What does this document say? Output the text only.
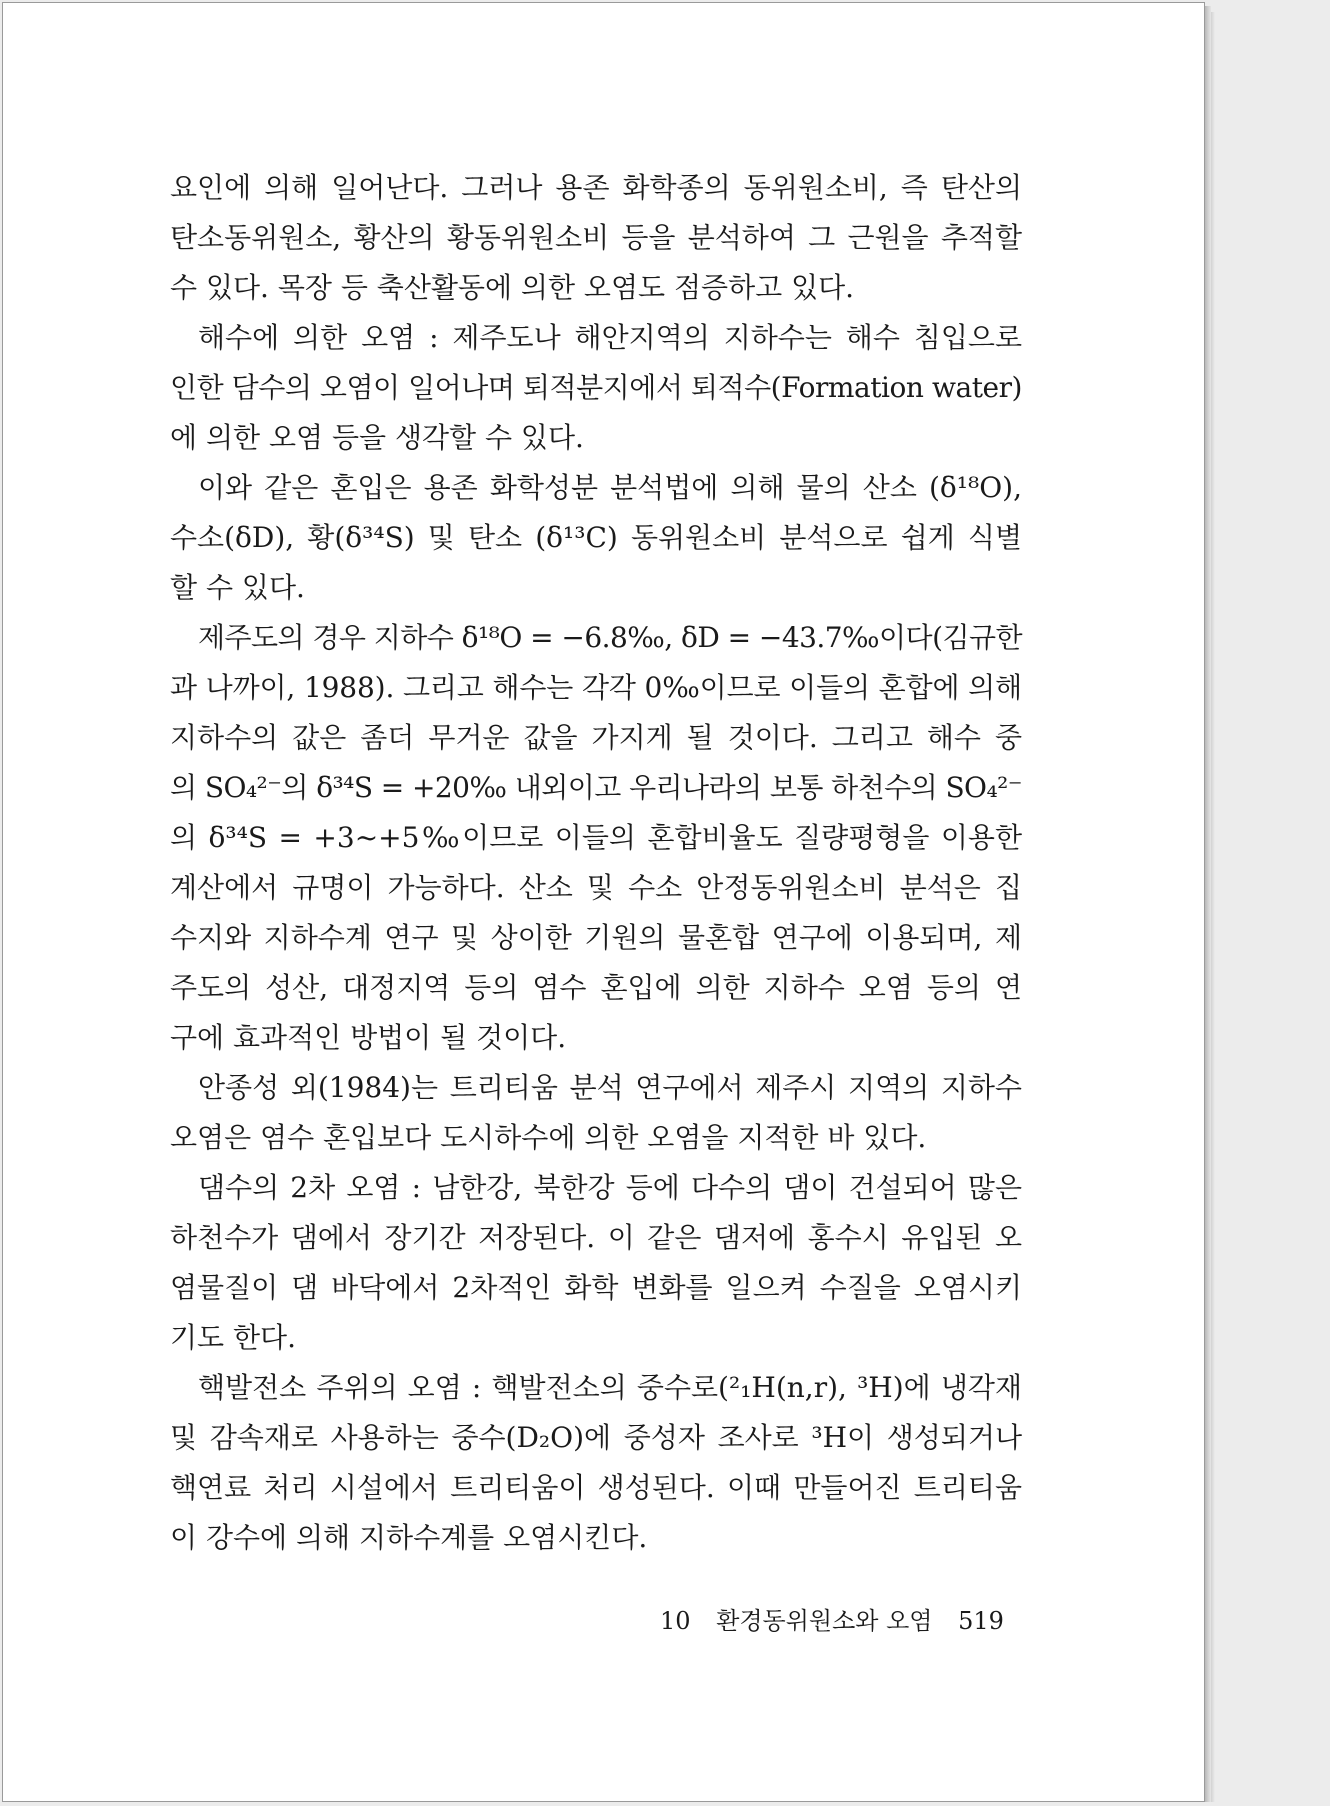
요인에 의해 일어난다. 그러나 용존 화학종의 동위원소비, 즉 탄산의
탄소동위원소, 황산의 황동위원소비 등을 분석하여 그 근원을 추적할
수 있다. 목장 등 축산활동에 의한 오염도 점증하고 있다.
해수에 의한 오염 : 제주도나 해안지역의 지하수는 해수 침입으로
인한 담수의 오염이 일어나며 퇴적분지에서 퇴적수(Formation water)
에 의한 오염 등을 생각할 수 있다.
이와 같은 혼입은 용존 화학성분 분석법에 의해 물의 산소 (δ¹⁸O),
수소(δD), 황(δ³⁴S) 및 탄소 (δ¹³C) 동위원소비 분석으로 쉽게 식별
할 수 있다.
제주도의 경우 지하수 δ¹⁸O = −6.8‰, δD = −43.7‰이다(김규한
과 나까이, 1988). 그리고 해수는 각각 0‰이므로 이들의 혼합에 의해
지하수의 값은 좀더 무거운 값을 가지게 될 것이다. 그리고 해수 중
의 SO₄²⁻의 δ³⁴S = +20‰ 내외이고 우리나라의 보통 하천수의 SO₄²⁻
의 δ³⁴S = +3~+5‰이므로 이들의 혼합비율도 질량평형을 이용한
계산에서 규명이 가능하다. 산소 및 수소 안정동위원소비 분석은 집
수지와 지하수계 연구 및 상이한 기원의 물혼합 연구에 이용되며, 제
주도의 성산, 대정지역 등의 염수 혼입에 의한 지하수 오염 등의 연
구에 효과적인 방법이 될 것이다.
안종성 외(1984)는 트리티움 분석 연구에서 제주시 지역의 지하수
오염은 염수 혼입보다 도시하수에 의한 오염을 지적한 바 있다.
댐수의 2차 오염 : 남한강, 북한강 등에 다수의 댐이 건설되어 많은
하천수가 댐에서 장기간 저장된다. 이 같은 댐저에 홍수시 유입된 오
염물질이 댐 바닥에서 2차적인 화학 변화를 일으켜 수질을 오염시키
기도 한다.
핵발전소 주위의 오염 : 핵발전소의 중수로(²₁H(n,r), ³H)에 냉각재
및 감속재로 사용하는 중수(D₂O)에 중성자 조사로 ³H이 생성되거나
핵연료 처리 시설에서 트리티움이 생성된다. 이때 만들어진 트리티움
이 강수에 의해 지하수계를 오염시킨다.
10 환경동위원소와 오염 519
